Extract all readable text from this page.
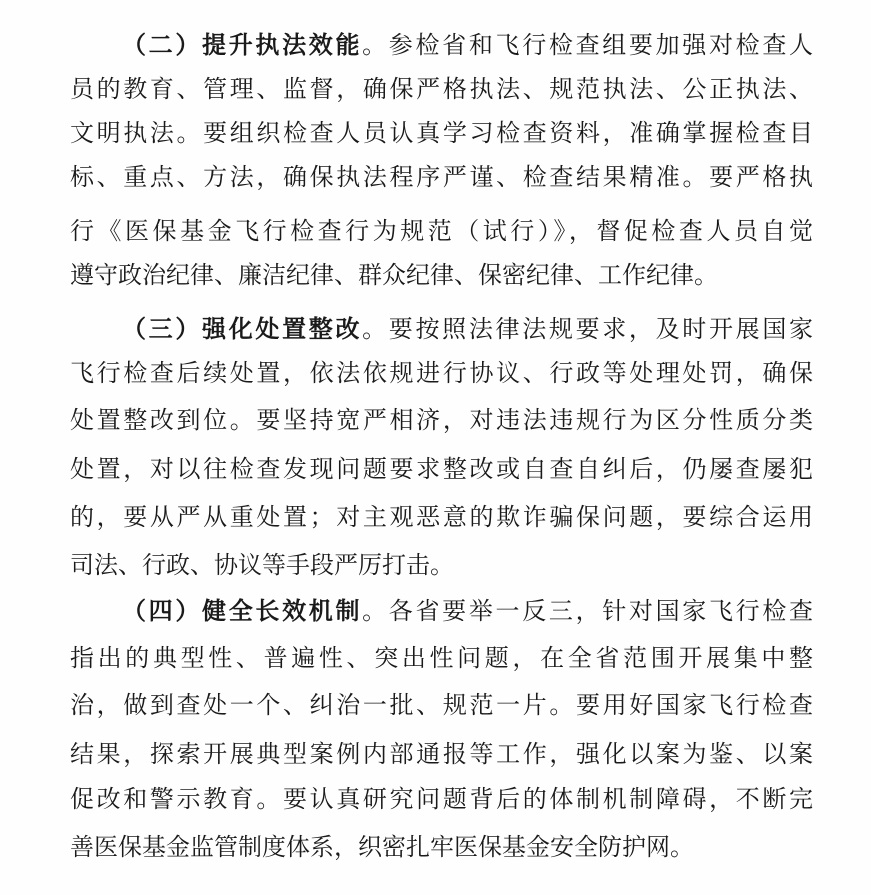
（二）提升执法效能。参检省和飞行检查组要加强对检查人
员的教育、管理、监督，确保严格执法、规范执法、公正执法、
文明执法。要组织检查人员认真学习检查资料，准确掌握检查目
标、重点、方法，确保执法程序严谨、检查结果精准。要严格执
行《医保基金飞行检查行为规范（试行）》，督促检查人员自觉
遵守政治纪律、廉洁纪律、群众纪律、保密纪律、工作纪律。
（三）强化处置整改。要按照法律法规要求，及时开展国家
飞行检查后续处置，依法依规进行协议、行政等处理处罚，确保
处置整改到位。要坚持宽严相济，对违法违规行为区分性质分类
处置，对以往检查发现问题要求整改或自查自纠后，仍屡查屡犯
的，要从严从重处置；对主观恶意的欺诈骗保问题，要综合运用
司法、行政、协议等手段严厉打击。
（四）健全长效机制。各省要举一反三，针对国家飞行检查
指出的典型性、普遍性、突出性问题，在全省范围开展集中整
治，做到查处一个、纠治一批、规范一片。要用好国家飞行检查
结果，探索开展典型案例内部通报等工作，强化以案为鉴、以案
促改和警示教育。要认真研究问题背后的体制机制障碍，不断完
善医保基金监管制度体系，织密扎牢医保基金安全防护网。
